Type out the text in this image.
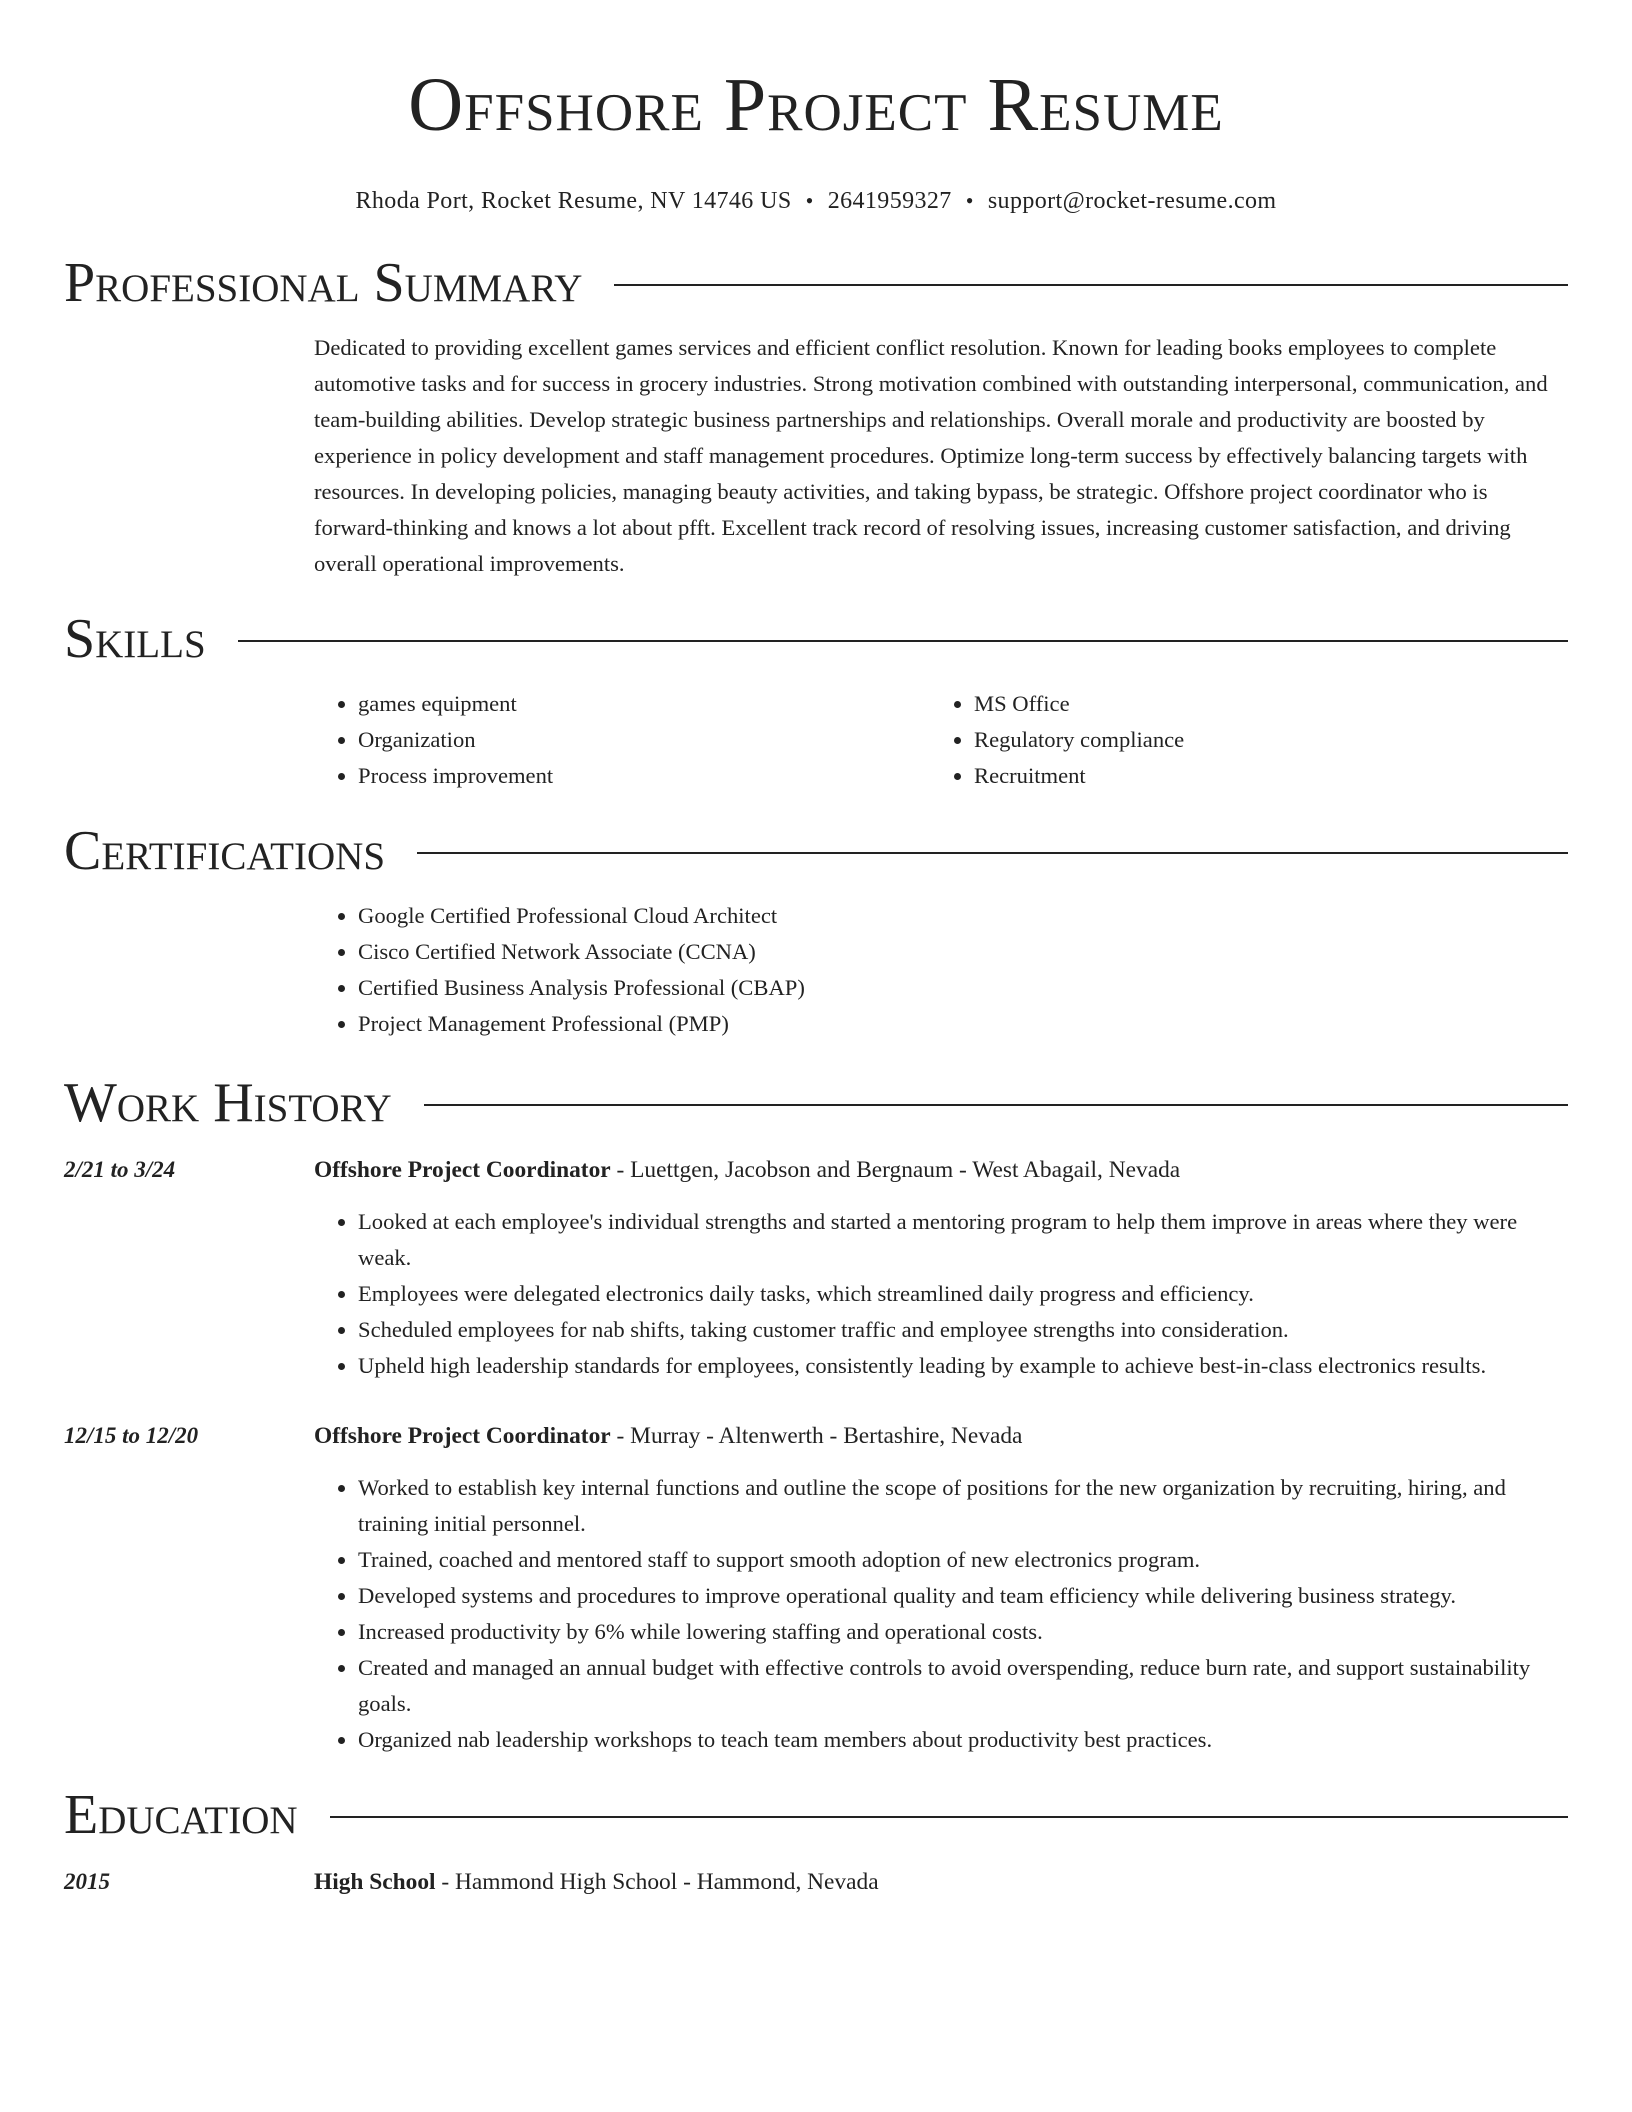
Offshore Project Resume
Rhoda Port, Rocket Resume, NV 14746 US • 2641959327 • support@rocket-resume.com
Professional Summary

Dedicated to providing excellent games services and efficient conflict resolution. Known for leading books employees to complete automotive tasks and for success in grocery industries. Strong motivation combined with outstanding interpersonal, communication, and team-building abilities. Develop strategic business partnerships and relationships. Overall morale and productivity are boosted by experience in policy development and staff management procedures. Optimize long-term success by effectively balancing targets with resources. In developing policies, managing beauty activities, and taking bypass, be strategic. Offshore project coordinator who is forward-thinking and knows a lot about pfft. Excellent track record of resolving issues, increasing customer satisfaction, and driving overall operational improvements.

Skills
• games equipment
• Organization
• Process improvement
• MS Office
• Regulatory compliance
• Recruitment
Certifications
• Google Certified Professional Cloud Architect
• Cisco Certified Network Associate (CCNA)
• Certified Business Analysis Professional (CBAP)
• Project Management Professional (PMP)
Work History
2/21 to 3/24	Offshore Project Coordinator - Luettgen, Jacobson and Bergnaum - West Abagail, Nevada
• Looked at each employee's individual strengths and started a mentoring program to help them improve in areas where they were weak.
• Employees were delegated electronics daily tasks, which streamlined daily progress and efficiency.
• Scheduled employees for nab shifts, taking customer traffic and employee strengths into consideration.
• Upheld high leadership standards for employees, consistently leading by example to achieve best-in-class electronics results.
12/15 to 12/20	Offshore Project Coordinator - Murray - Altenwerth - Bertashire, Nevada
• Worked to establish key internal functions and outline the scope of positions for the new organization by recruiting, hiring, and training initial personnel.
• Trained, coached and mentored staff to support smooth adoption of new electronics program.
• Developed systems and procedures to improve operational quality and team efficiency while delivering business strategy.
• Increased productivity by 6% while lowering staffing and operational costs.
• Created and managed an annual budget with effective controls to avoid overspending, reduce burn rate, and support sustainability goals.
• Organized nab leadership workshops to teach team members about productivity best practices.
Education
2015	High School - Hammond High School - Hammond, Nevada
